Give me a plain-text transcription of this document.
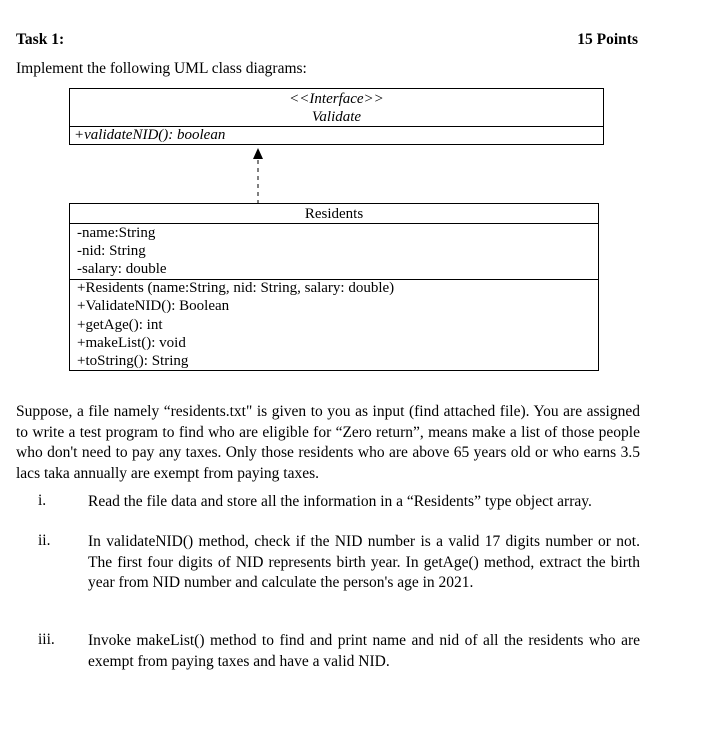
Task 1:	15 Points
Implement the following UML class diagrams:
<<Interface>>
Validate
+validateNID(): boolean
Residents
-name:String
-nid: String
-salary: double
+Residents (name:String, nid: String, salary: double)
+ValidateNID(): Boolean
+getAge(): int
+makeList(): void
+toString(): String
Suppose, a file namely “residents.txt" is given to you as input (find attached file). You are assigned to write a test program to find who are eligible for “Zero return”, means make a list of those people who don't need to pay any taxes. Only those residents who are above 65 years old or who earns 3.5 lacs taka annually are exempt from paying taxes.
i.	Read the file data and store all the information in a “Residents” type object array.
ii.	In validateNID() method, check if the NID number is a valid 17 digits number or not. The first four digits of NID represents birth year. In getAge() method, extract the birth year from NID number and calculate the person's age in 2021.
iii.	Invoke makeList() method to find and print name and nid of all the residents who are exempt from paying taxes and have a valid NID.
